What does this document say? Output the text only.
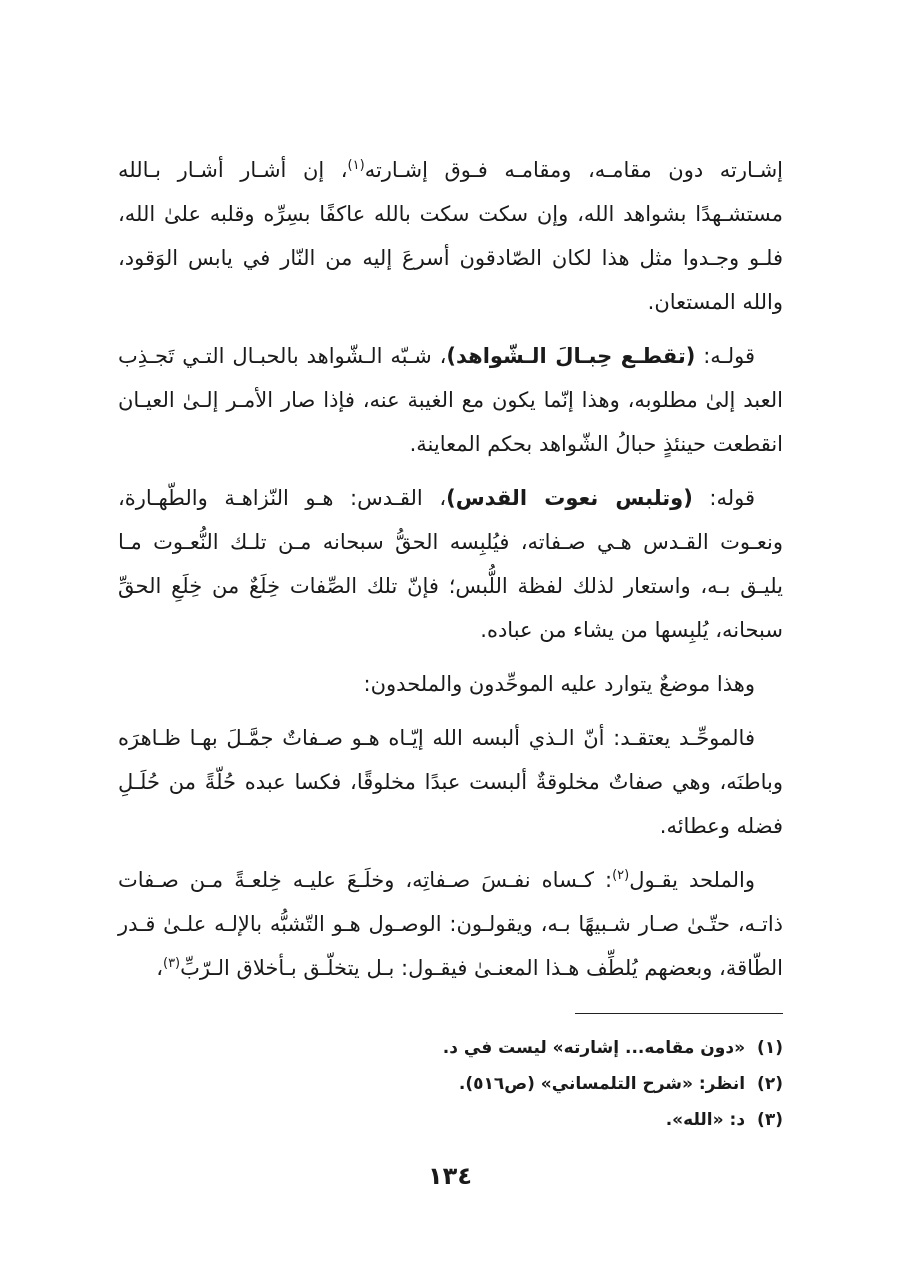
إشـارته دون مقامـه، ومقامـه فـوق إشـارته$^{(١)}$، إن أشـار أشـار بـالله مستشـهدًا بشواهد الله، وإن سكت سكت بالله عاكفًا بسِرِّه وقلبه علىٰ الله، فلـو وجـدوا مثل هذا لكان الصّادقون أسرعَ إليه من النّار في يابس الوَقود، والله المستعان.

قولـه: (تقطـع حِبـالَ الـشّواهد)، شـبّه الـشّواهد بالحبـال التـي تَجـذِب العبد إلىٰ مطلوبه، وهذا إنّما يكون مع الغيبة عنه، فإذا صار الأمـر إلـىٰ العيـان انقطعت حينئذٍ حبالُ الشّواهد بحكم المعاينة.

قوله: (وتلبس نعوت القدس)، القـدس: هـو النّزاهـة والطّهـارة، ونعـوت القـدس هـي صـفاته، فيُلبِسه الحقُّ سبحانه مـن تلـك النُّعـوت مـا يليـق بـه، واستعار لذلك لفظة اللُّبس؛ فإنّ تلك الصِّفات خِلَعٌ من خِلَعِ الحقِّ سبحانه، يُلبِسها من يشاء من عباده.

وهذا موضعٌ يتوارد عليه الموحِّدون والملحدون:

فالموحِّـد يعتقـد: أنّ الـذي ألبسه الله إيّـاه هـو صـفاتٌ جمَّـلَ بهـا ظـاهرَه وباطنَه، وهي صفاتٌ مخلوقةٌ ألبست عبدًا مخلوقًا، فكسا عبده حُلّةً من حُلَـلِ فضله وعطائه.

والملحد يقـول$^{(٢)}$: كـساه نفـسَ صـفاتِه، وخلَـعَ عليـه خِلعـةً مـن صـفات ذاتـه، حتّـىٰ صـار شـبيهًا بـه، ويقولـون: الوصـول هـو التّشبُّه بالإلـه علـىٰ قـدر الطّاقة، وبعضهم يُلطِّف هـذا المعنـىٰ فيقـول: بـل يتخلّـق بـأخلاق الـرّبِّ$^{(٣)}$،

(١)«دون مقامه... إشارته» ليست في د.
(٢)انظر: «شرح التلمساني» (ص٥١٦).
(٣)د: «الله».
١٣٤
